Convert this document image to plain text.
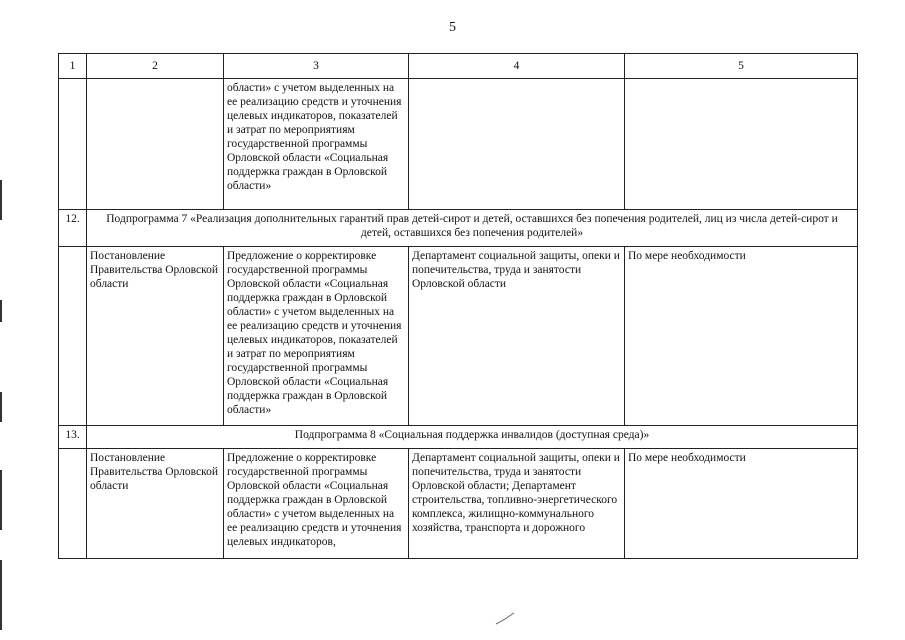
5
1	2	3	4	5
		области» с учетом выделенных на ее реализацию средств и уточнения целевых индикаторов, показателей и затрат по мероприятиям государственной программы Орловской области «Социальная поддержка граждан в Орловской области»		
12.	Подпрограмма 7 «Реализация дополнительных гарантий прав детей-сирот и детей, оставшихся без попечения родителей, лиц из числа детей-сирот и детей, оставшихся без попечения родителей»			
	Постановление Правительства Орловской области	Предложение о корректировке государственной программы Орловской области «Социальная поддержка граждан в Орловской области» с учетом выделенных на ее реализацию средств и уточнения целевых индикаторов, показателей и затрат по мероприятиям государственной программы Орловской области «Социальная поддержка граждан в Орловской области»	Департамент социальной защиты, опеки и попечительства, труда и занятости Орловской области	По мере необходимости
13.	Подпрограмма 8 «Социальная поддержка инвалидов (доступная среда)»			
	Постановление Правительства Орловской области	Предложение о корректировке государственной программы Орловской области «Социальная поддержка граждан в Орловской области» с учетом выделенных на ее реализацию средств и уточнения целевых индикаторов,	Департамент социальной защиты, опеки и попечительства, труда и занятости Орловской области; Департамент строительства, топливно-энергетического комплекса, жилищно-коммунального хозяйства, транспорта и дорожного	По мере необходимости
